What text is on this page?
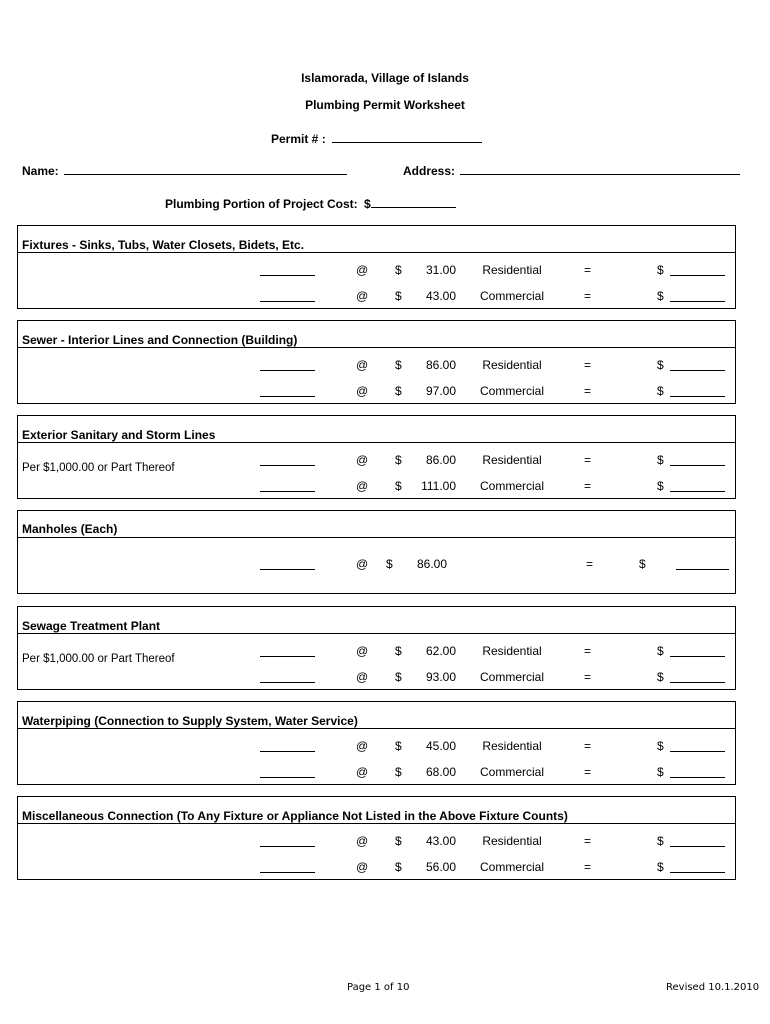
Islamorada, Village of Islands
Plumbing Permit Worksheet
Permit # :
Name:	Address:
Plumbing Portion of Project Cost: $
Fixtures - Sinks, Tubs, Water Closets, Bidets, Etc.
@ $	31.00	Residential	=	$
@ $	43.00	Commercial	=	$
Sewer - Interior Lines and Connection (Building)
@ $	86.00	Residential	=	$
@ $	97.00	Commercial	=	$
Exterior Sanitary and Storm Lines
Per $1,000.00 or Part Thereof
@ $	86.00	Residential	=	$
@ $	111.00	Commercial	=	$
Manholes (Each)
@ $ 86.00	=	$
Sewage Treatment Plant
Per $1,000.00 or Part Thereof
@ $	62.00	Residential	=	$
@ $	93.00	Commercial	=	$
Waterpiping (Connection to Supply System, Water Service)
@ $	45.00	Residential	=	$
@ $	68.00	Commercial	=	$
Miscellaneous Connection (To Any Fixture or Appliance Not Listed in the Above Fixture Counts)
@ $	43.00	Residential	=	$
@ $	56.00	Commercial	=	$
Page 1 of 10	Revised 10.1.2010
